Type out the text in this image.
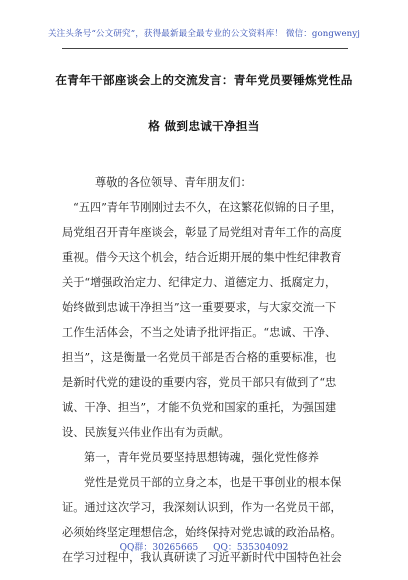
关注头条号“公文研究”，获得最新最全最专业的公文资料库！ 微信：gongwenyj
在青年干部座谈会上的交流发言：青年党员要锤炼党性品
格 做到忠诚干净担当
尊敬的各位领导、青年朋友们：
“五四”青年节刚刚过去不久，在这繁花似锦的日子里，
局党组召开青年座谈会，彰显了局党组对青年工作的高度
重视。借今天这个机会，结合近期开展的集中性纪律教育
关于“增强政治定力、纪律定力、道德定力、抵腐定力，
始终做到忠诚干净担当”这一重要要求，与大家交流一下
工作生活体会，不当之处请予批评指正。“忠诚、干净、
担当”，这是衡量一名党员干部是否合格的重要标准，也
是新时代党的建设的重要内容，党员干部只有做到了“忠
诚、干净、担当”，才能不负党和国家的重托，为强国建
设、民族复兴伟业作出有为贡献。
第一，青年党员要坚持思想铸魂，强化党性修养
党性是党员干部的立身之本，也是干事创业的根本保
证。通过这次学习，我深刻认识到，作为一名党员干部，
必须始终坚定理想信念，始终保持对党忠诚的政治品格。
在学习过程中，我认真研读了习近平新时代中国特色社会
QQ群：30265665 QQ：535304092
